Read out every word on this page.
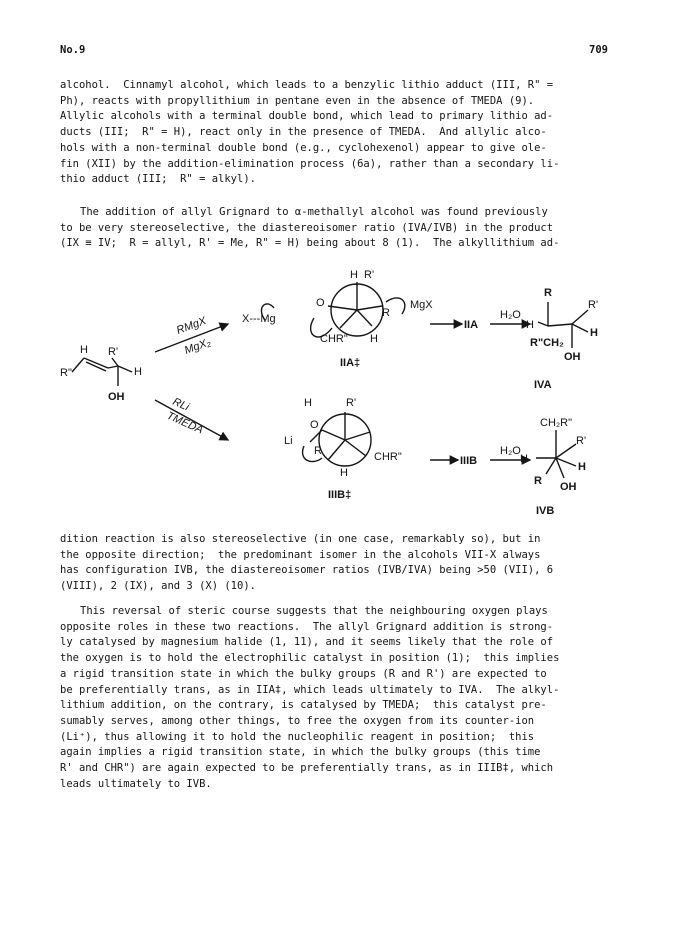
No.9	709
alcohol.  Cinnamyl alcohol, which leads to a benzylic lithio adduct (III, R" =
Ph), reacts with propyllithium in pentane even in the absence of TMEDA (9).
Allylic alcohols with a terminal double bond, which lead to primary lithio ad-
ducts (III;  R" = H), react only in the presence of TMEDA.  And allylic alco-
hols with a non-terminal double bond (e.g., cyclohexenol) appear to give ole-
fin (XII) by the addition-elimination process (6a), rather than a secondary li-
thio adduct (III;  R" = alkyl).
The addition of allyl Grignard to α-methallyl alcohol was found previously
to be very stereoselective, the diastereoisomer ratio (IVA/IVB) in the product
(IX ≡ IV;  R = allyl, R' = Me, R" = H) being about 8 (1).  The alkyllithium ad-
R"
H R'
H
OH
RMgX
MgX₂
RLi
TMEDA
H R'
O
X---Mg	R
MgX
CHR" H
IIA‡
H	R'
O
Li
R	CHR"
H
IIIB‡
IIA
H₂O
IIIB
H₂O
R
R'
H
H
R"CH₂
OH
IVA
CH₂R"
R'
H
H
R OH
IVB
dition reaction is also stereoselective (in one case, remarkably so), but in
the opposite direction;  the predominant isomer in the alcohols VII-X always
has configuration IVB, the diastereoisomer ratios (IVB/IVA) being >50 (VII), 6
(VIII), 2 (IX), and 3 (X) (10).
This reversal of steric course suggests that the neighbouring oxygen plays
opposite roles in these two reactions.  The allyl Grignard addition is strong-
ly catalysed by magnesium halide (1, 11), and it seems likely that the role of
the oxygen is to hold the electrophilic catalyst in position (1);  this implies
a rigid transition state in which the bulky groups (R and R') are expected to
be preferentially trans, as in IIA‡, which leads ultimately to IVA.  The alkyl-
lithium addition, on the contrary, is catalysed by TMEDA;  this catalyst pre-
sumably serves, among other things, to free the oxygen from its counter-ion
(Li⁺), thus allowing it to hold the nucleophilic reagent in position;  this
again implies a rigid transition state, in which the bulky groups (this time
R' and CHR") are again expected to be preferentially trans, as in IIIB‡, which
leads ultimately to IVB.
